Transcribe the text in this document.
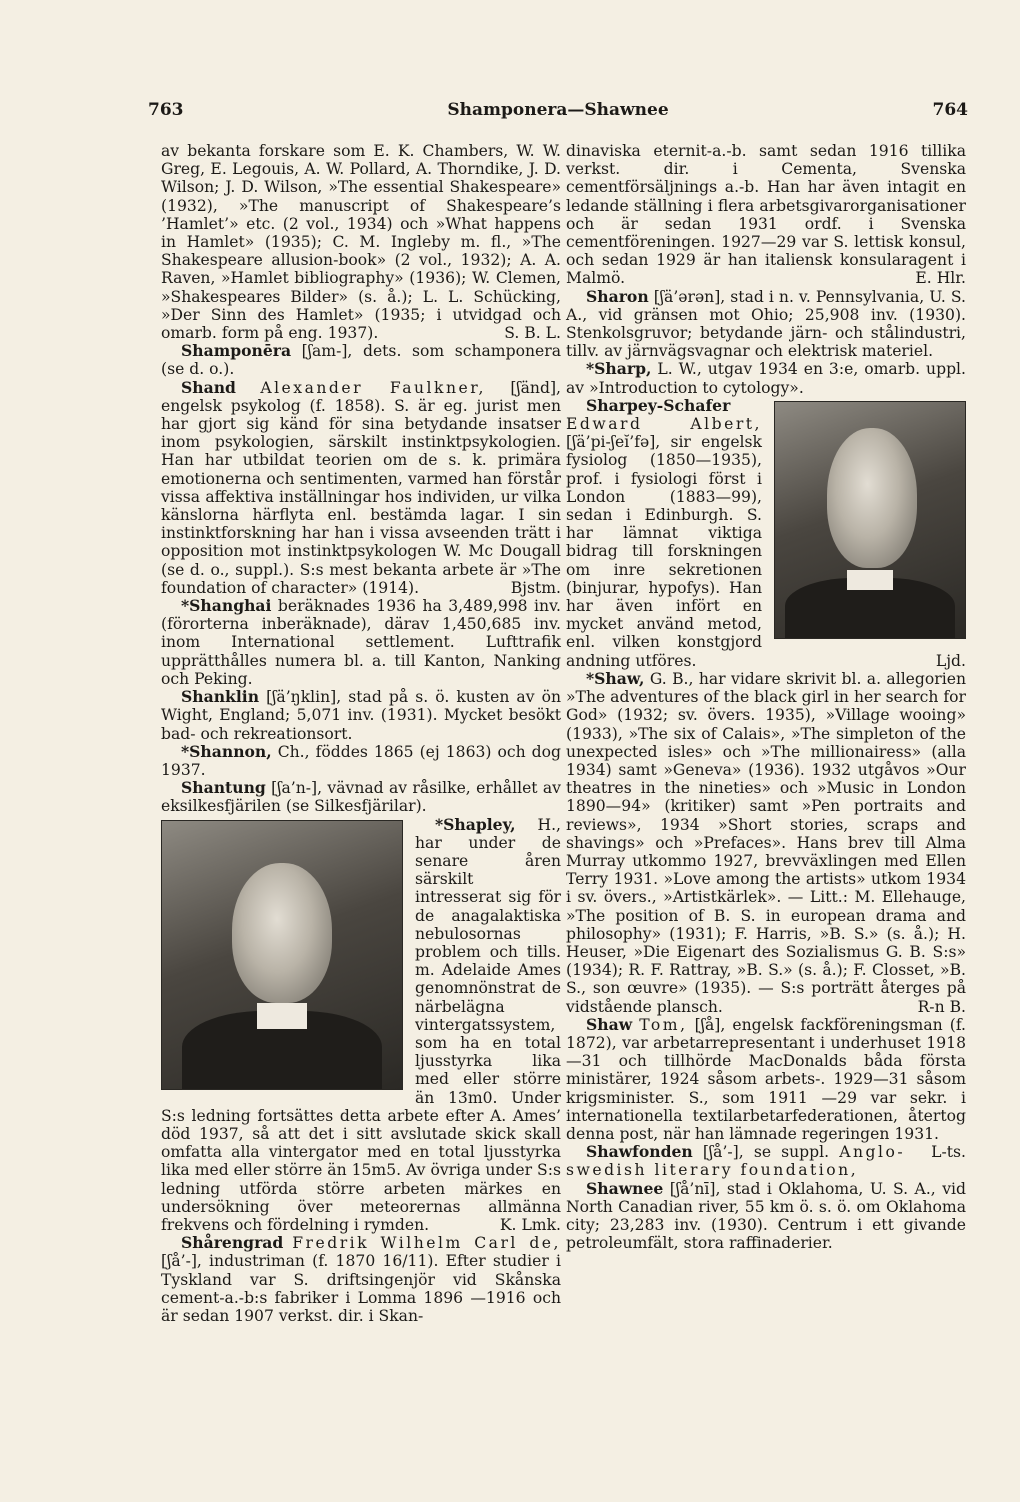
763	Shamponera—Shawnee	764

av bekanta forskare som E. K. Chambers, W. W. Greg, E. Legouis, A. W. Pollard, A. Thorndike, J. D. Wilson; J. D. Wilson, »The essential Shakespeare» (1932), »The manuscript of Shakespeare’s ’Hamlet’» etc. (2 vol., 1934) och »What happens in Hamlet» (1935); C. M. Ingleby m. fl., »The Shakespeare allusion-book» (2 vol., 1932); A. A. Raven, »Hamlet bibliography» (1936); W. Clemen, »Shakespeares Bilder» (s. å.); L. L. Schücking, »Der Sinn des Hamlet» (1935; i utvidgad och omarb. form på eng. 1937).	S. B. L.

Shamponēra [ʃam-], dets. som schamponera (se d. o.).

Shand Alexander Faulkner, [ʃänd], engelsk psykolog (f. 1858). S. är eg. jurist men har gjort sig känd för sina betydande insatser inom psykologien, särskilt instinktpsykologien. Han har utbildat teorien om de s. k. primära emotionerna och sentimenten, varmed han förstår vissa affektiva inställningar hos individen, ur vilka känslorna härflyta enl. bestämda lagar. I sin instinktforskning har han i vissa avseenden trätt i opposition mot instinktpsykologen W. Mc Dougall (se d. o., suppl.). S:s mest bekanta arbete är »The foundation of character» (1914).	Bjstm.

*Shanghai beräknades 1936 ha 3,489,998 inv. (förorterna inberäknade), därav 1,450,685 inv. inom International settlement. Lufttrafik upprätthålles numera bl. a. till Kanton, Nanking och Peking.

Shanklin [ʃä’ŋklin], stad på s. ö. kusten av ön Wight, England; 5,071 inv. (1931). Mycket besökt bad- och rekreationsort.

*Shannon, Ch., föddes 1865 (ej 1863) och dog 1937.

Shantung [ʃa’n-], vävnad av råsilke, erhållet av eksilkesfjärilen (se Silkesfjärilar).

*Shapley, H., har under de senare åren särskilt intresserat sig för de anagalaktiska nebulosornas problem och tills. m. Adelaide Ames genomnönstrat de närbelägna vintergatssystem, som ha en total ljusstyrka lika med eller större än 13m0. Under S:s ledning fortsättes detta arbete efter A. Ames’ död 1937, så att det i sitt avslutade skick skall omfatta alla vintergator med en total ljusstyrka lika med eller större än 15m5. Av övriga under S:s ledning utförda större arbeten märkes en undersökning över meteorernas allmänna frekvens och fördelning i rymden.	K. Lmk.

Shårengrad Fredrik Wilhelm Carl de, [ʃå’-], industriman (f. 1870 16/11). Efter studier i Tyskland var S. driftsingenjör vid Skånska cement-a.-b:s fabriker i Lomma 1896 —1916 och är sedan 1907 verkst. dir. i Skan-

dinaviska eternit-a.-b. samt sedan 1916 tillika verkst. dir. i Cementa, Svenska cementförsäljnings a.-b. Han har även intagit en ledande ställning i flera arbetsgivarorganisationer och är sedan 1931 ordf. i Svenska cementföreningen. 1927—29 var S. lettisk konsul, och sedan 1929 är han italiensk konsularagent i Malmö.	E. Hlr.

Sharon [ʃä’ərən], stad i n. v. Pennsylvania, U. S. A., vid gränsen mot Ohio; 25,908 inv. (1930). Stenkolsgruvor; betydande järn- och stålindustri, tillv. av järnvägsvagnar och elektrisk materiel.

*Sharp, L. W., utgav 1934 en 3:e, omarb. uppl. av »Introduction to cytology».

Sharpey-Schafer Edward Albert, [ʃä’pi-ʃeĭ’fə], sir engelsk fysiolog (1850—1935), prof. i fysiologi först i London (1883—99), sedan i Edinburgh. S. har lämnat viktiga bidrag till forskningen om inre sekretionen (binjurar, hypofys). Han har även infört en mycket använd metod, enl. vilken konstgjord andning utföres.	Ljd.

*Shaw, G. B., har vidare skrivit bl. a. allegorien »The adventures of the black girl in her search for God» (1932; sv. övers. 1935), »Village wooing» (1933), »The six of Calais», »The simpleton of the unexpected isles» och »The millionairess» (alla 1934) samt »Geneva» (1936). 1932 utgåvos »Our theatres in the nineties» och »Music in London 1890—94» (kritiker) samt »Pen portraits and reviews», 1934 »Short stories, scraps and shavings» och »Prefaces». Hans brev till Alma Murray utkommo 1927, brevväxlingen med Ellen Terry 1931. »Love among the artists» utkom 1934 i sv. övers., »Artistkärlek». — Litt.: M. Ellehauge, »The position of B. S. in european drama and philosophy» (1931); F. Harris, »B. S.» (s. å.); H. Heuser, »Die Eigenart des Sozialismus G. B. S:s» (1934); R. F. Rattray, »B. S.» (s. å.); F. Closset, »B. S., son œuvre» (1935). — S:s porträtt återges på vidstående plansch.	R-n B.

Shaw Tom, [ʃå], engelsk fackföreningsman (f. 1872), var arbetarrepresentant i underhuset 1918—31 och tillhörde MacDonalds båda första ministärer, 1924 såsom arbets-. 1929—31 såsom krigsminister. S., som 1911 —29 var sekr. i internationella textilarbetarfederationen, återtog denna post, när han lämnade regeringen 1931.
L-ts.

Shawfonden [ʃå’-], se suppl. Anglo-swedish literary foundation,

Shawnee [ʃå’nī], stad i Oklahoma, U. S. A., vid North Canadian river, 55 km ö. s. ö. om Oklahoma city; 23,283 inv. (1930). Centrum i ett givande petroleumfält, stora raffinaderier.
